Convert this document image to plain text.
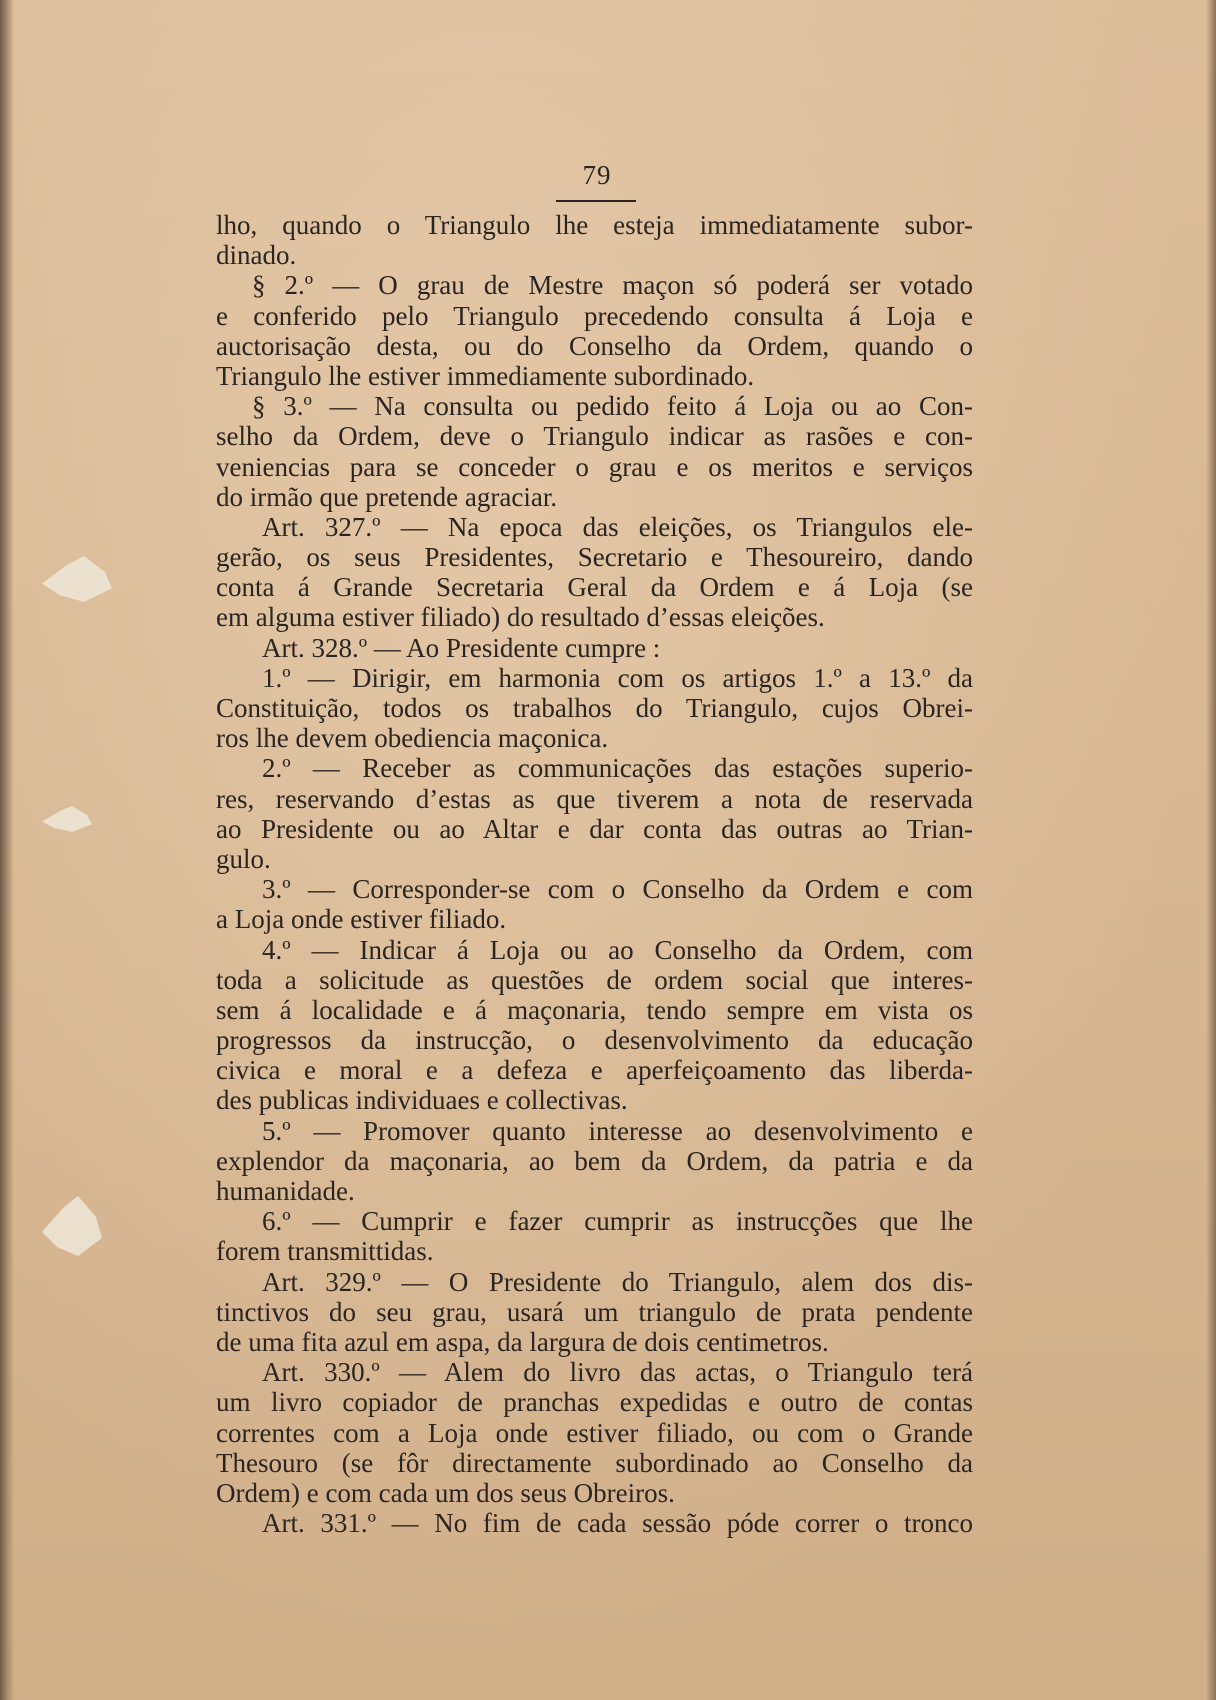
79
lho, quando o Triangulo lhe esteja immediatamente subor-
dinado.
§ 2.º — O grau de Mestre maçon só poderá ser votado
e conferido pelo Triangulo precedendo consulta á Loja e
auctorisação desta, ou do Conselho da Ordem, quando o
Triangulo lhe estiver immediamente subordinado.
§ 3.º — Na consulta ou pedido feito á Loja ou ao Con-
selho da Ordem, deve o Triangulo indicar as rasões e con-
veniencias para se conceder o grau e os meritos e serviços
do irmão que pretende agraciar.
Art. 327.º — Na epoca das eleições, os Triangulos ele-
gerão, os seus Presidentes, Secretario e Thesoureiro, dando
conta á Grande Secretaria Geral da Ordem e á Loja (se
em alguma estiver filiado) do resultado d’essas eleições.
Art. 328.º — Ao Presidente cumpre :
1.º — Dirigir, em harmonia com os artigos 1.º a 13.º da
Constituição, todos os trabalhos do Triangulo, cujos Obrei-
ros lhe devem obediencia maçonica.
2.º — Receber as communicações das estações superio-
res, reservando d’estas as que tiverem a nota de reservada
ao Presidente ou ao Altar e dar conta das outras ao Trian-
gulo.
3.º — Corresponder-se com o Conselho da Ordem e com
a Loja onde estiver filiado.
4.º — Indicar á Loja ou ao Conselho da Ordem, com
toda a solicitude as questões de ordem social que interes-
sem á localidade e á maçonaria, tendo sempre em vista os
progressos da instrucção, o desenvolvimento da educação
civica e moral e a defeza e aperfeiçoamento das liberda-
des publicas individuaes e collectivas.
5.º — Promover quanto interesse ao desenvolvimento e
explendor da maçonaria, ao bem da Ordem, da patria e da
humanidade.
6.º — Cumprir e fazer cumprir as instrucções que lhe
forem transmittidas.
Art. 329.º — O Presidente do Triangulo, alem dos dis-
tinctivos do seu grau, usará um triangulo de prata pendente
de uma fita azul em aspa, da largura de dois centimetros.
Art. 330.º — Alem do livro das actas, o Triangulo terá
um livro copiador de pranchas expedidas e outro de contas
correntes com a Loja onde estiver filiado, ou com o Grande
Thesouro (se fôr directamente subordinado ao Conselho da
Ordem) e com cada um dos seus Obreiros.
Art. 331.º — No fim de cada sessão póde correr o tronco
